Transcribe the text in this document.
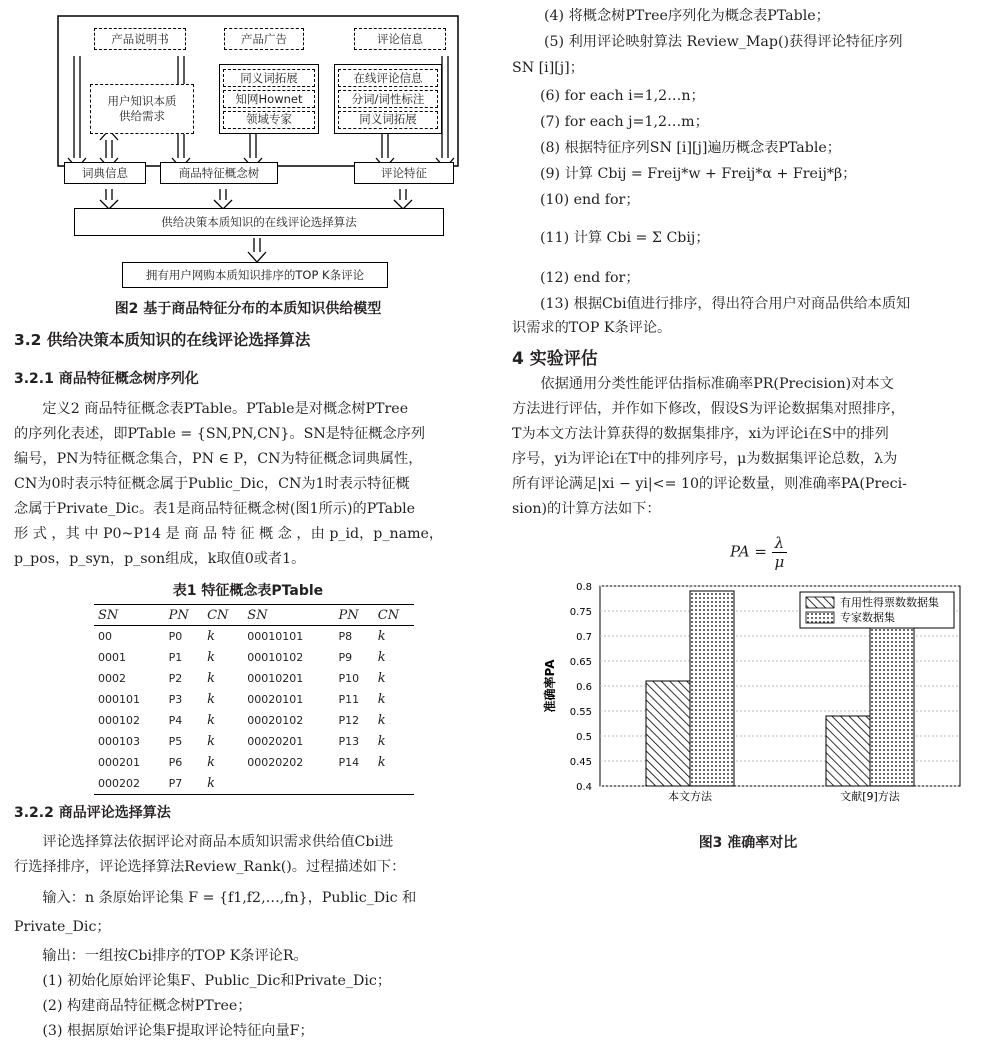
产品说明书	产品广告	评论信息
用户知识本质
供给需求
同义词拓展
知网Hownet
领域专家
在线评论信息
分词/词性标注
同义词拓展
词典信息	商品特征概念树	评论特征
供给决策本质知识的在线评论选择算法
拥有用户网购本质知识排序的TOP K条评论
图2 基于商品特征分布的本质知识供给模型
3.2 供给决策本质知识的在线评论选择算法
3.2.1 商品特征概念树序列化

定义2 商品特征概念表PTable。PTable是对概念树PTree

的序列化表述，即PTable = {SN,PN,CN}。SN是特征概念序列

编号，PN为特征概念集合，PN ∈ P，CN为特征概念词典属性，

CN为0时表示特征概念属于Public_Dic，CN为1时表示特征概

念属于Private_Dic。表1是商品特征概念树(图1所示)的PTable

形 式 ，其 中 P0~P14 是 商 品 特 征 概 念 ，由 p_id，p_name，

p_pos，p_syn，p_son组成，k取值0或者1。

表1 特征概念表PTable
SN	PN	CN	SN	PN	CN
00	P0	k	00010101	P8	k
0001	P1	k	00010102	P9	k
0002	P2	k	00010201	P10	k
000101	P3	k	00020101	P11	k
000102	P4	k	00020102	P12	k
000103	P5	k	00020201	P13	k
000201	P6	k	00020202	P14	k
000202	P7	k			
3.2.2 商品评论选择算法

评论选择算法依据评论对商品本质知识需求供给值Cbi进

行选择排序，评论选择算法Review_Rank()。过程描述如下：

输入：n 条原始评论集 F = {f1,f2,…,fn}，Public_Dic 和

Private_Dic；

输出：一组按Cbi排序的TOP K条评论R。

(1) 初始化原始评论集F、Public_Dic和Private_Dic；

(2) 构建商品特征概念树PTree；

(3) 根据原始评论集F提取评论特征向量F；

(4) 将概念树PTree序列化为概念表PTable；
(5) 利用评论映射算法 Review_Map()获得评论特征序列
SN [i][j]；
(6) for each i=1,2…n；
(7) for each j=1,2…m；
(8) 根据特征序列SN [i][j]遍历概念表PTable；
(9) 计算 Cbij = Freij*w + Freij*α + Freij*β；
(10) end for；
(11) 计算 Cbi = Σ Cbij；
(12) end for；
(13) 根据Cbi值进行排序，得出符合用户对商品供给本质知
识需求的TOP K条评论。
4 实验评估

依据通用分类性能评估指标准确率PR(Precision)对本文

方法进行评估，并作如下修改，假设S为评论数据集对照排序，

T为本文方法计算获得的数据集排序，xi为评论i在S中的排列

序号，yi为评论i在T中的排列序号，μ为数据集评论总数，λ为

所有评论满足|xi − yi|<= 10的评论数量，则准确率PA(Preci-

sion)的计算方法如下：

PA = $\frac{\lambda}{\mu}$
0.4
0.45
0.5
0.55
0.6
0.65
0.7
0.75
0.8
本文方法	文献[9]方法
准确率PA
有用性得票数数据集
专家数据集
图3 准确率对比
